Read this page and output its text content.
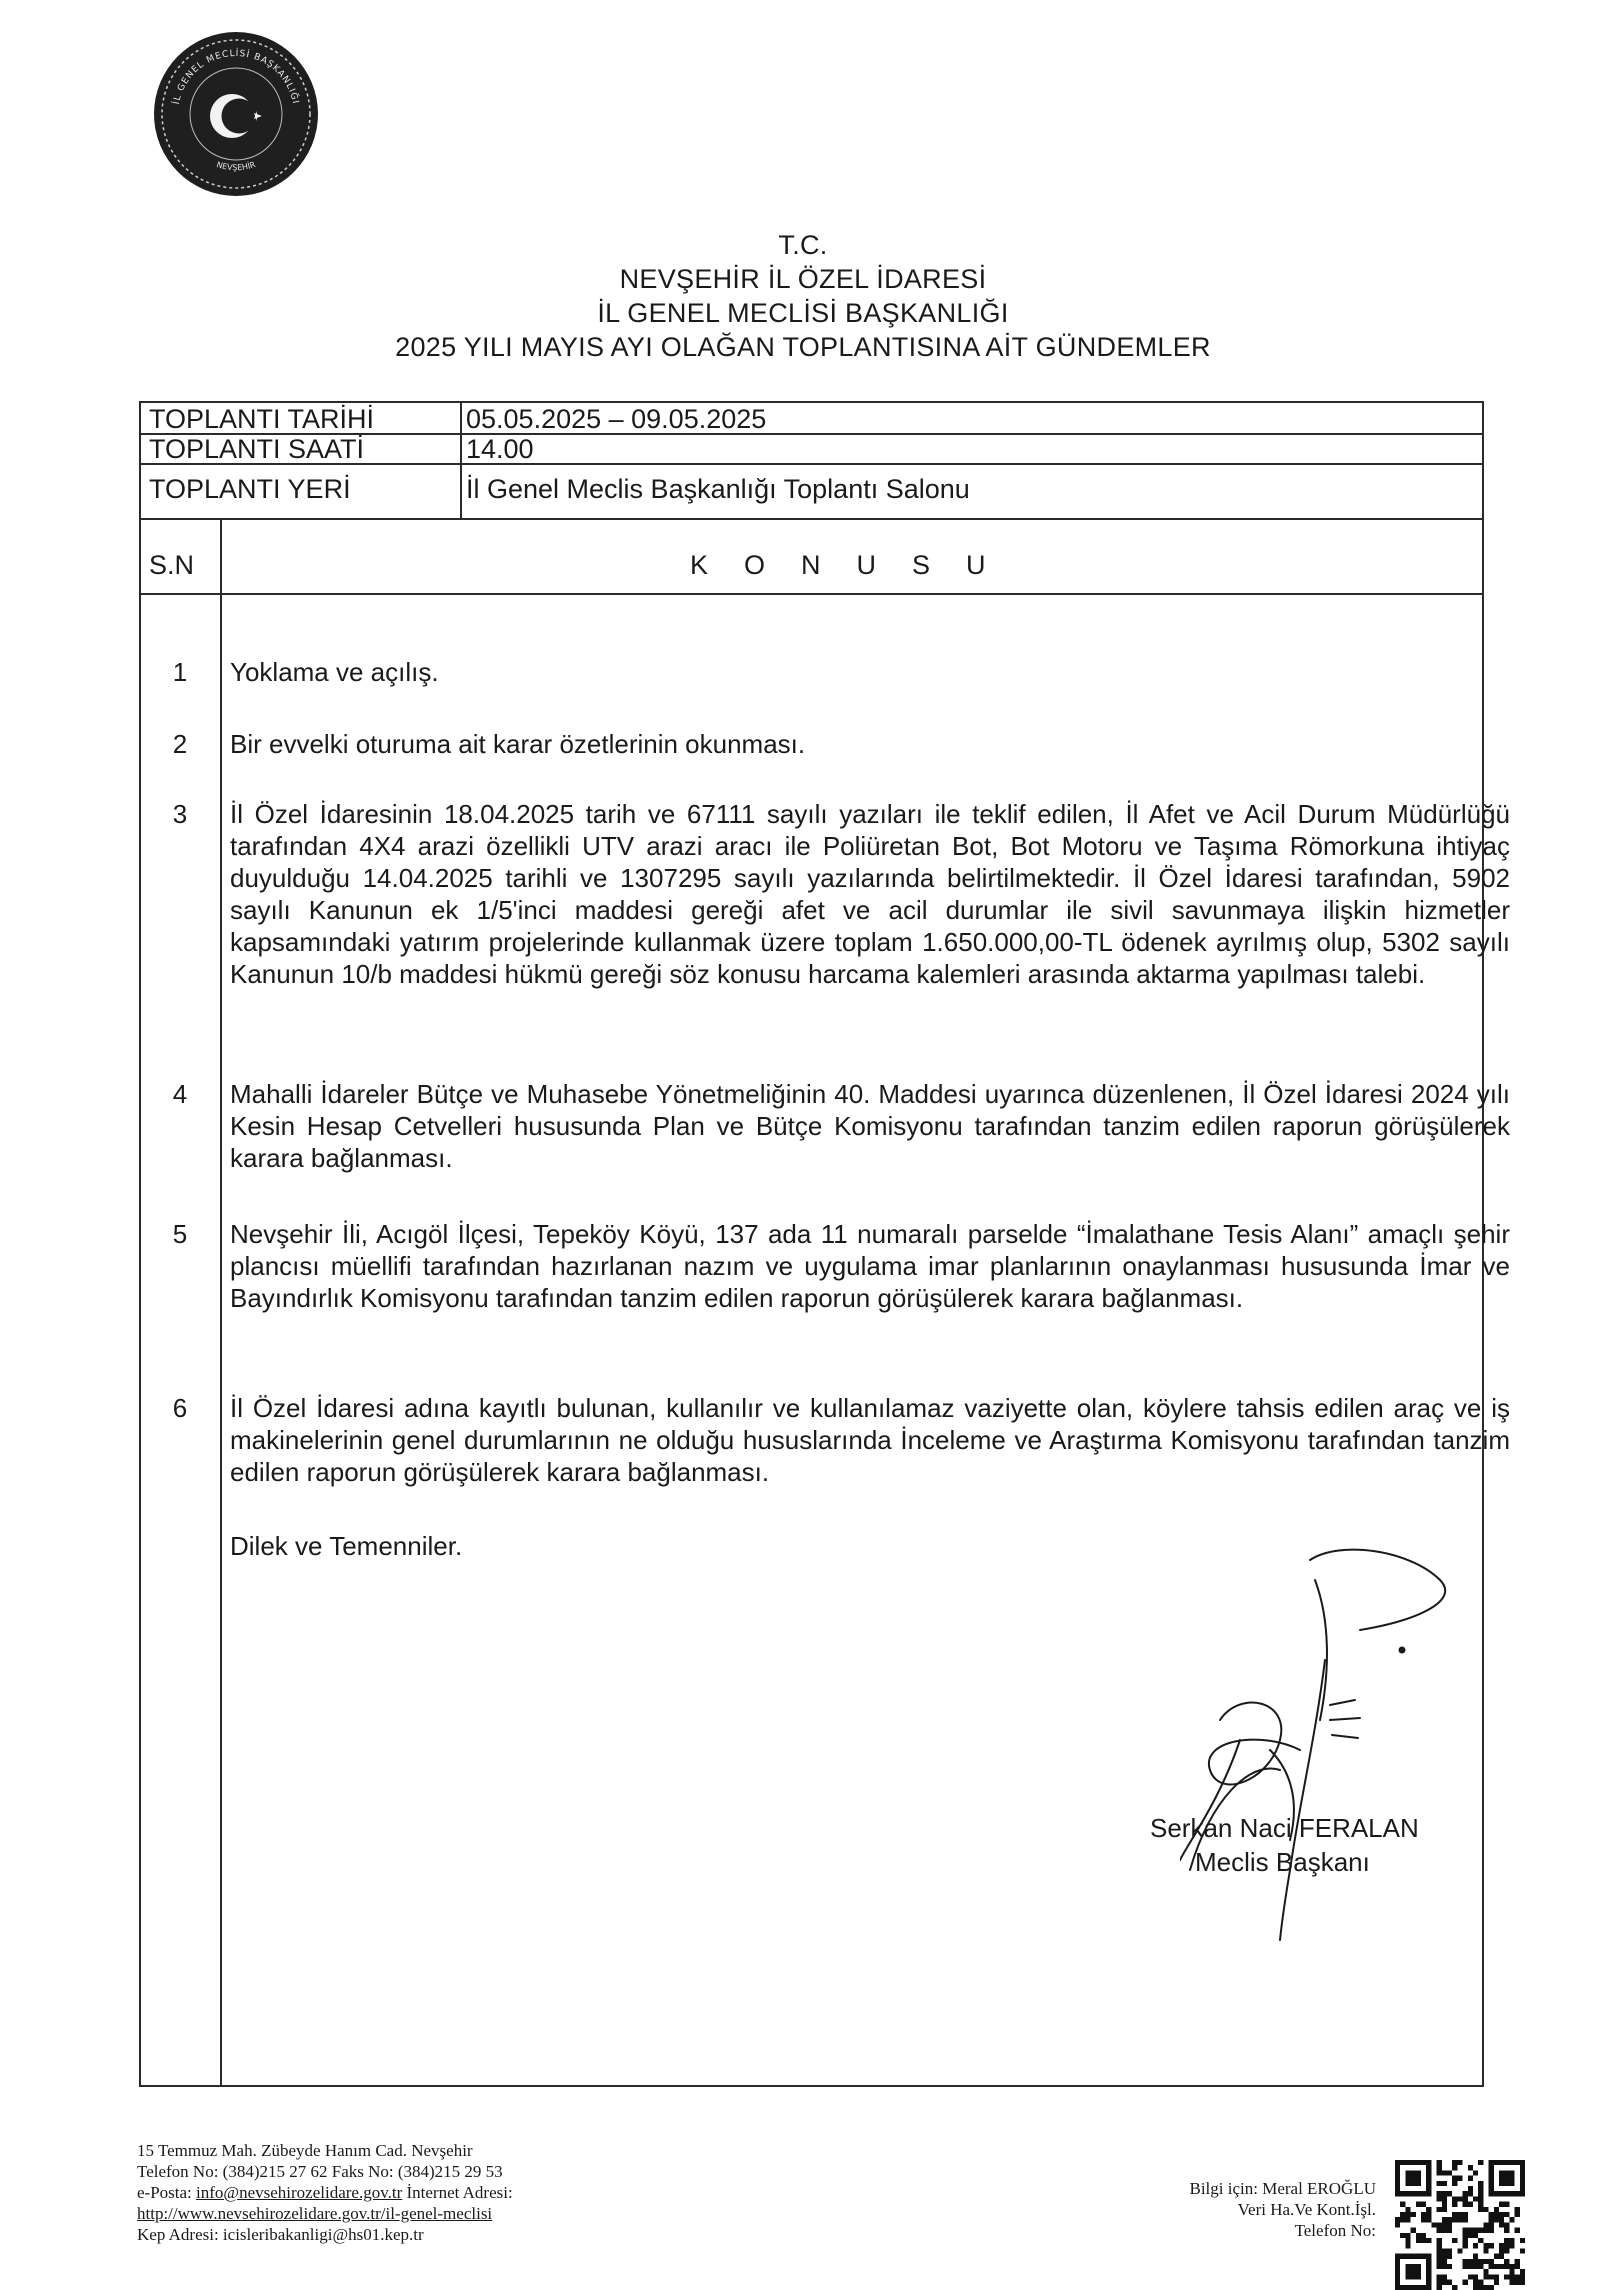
İL GENEL MECLİSİ BAŞKANLIĞI
NEVŞEHİR
T.C.
NEVŞEHİR İL ÖZEL İDARESİ
İL GENEL MECLİSİ BAŞKANLIĞI
2025 YILI MAYIS AYI OLAĞAN TOPLANTISINA AİT GÜNDEMLER
TOPLANTI TARİHİ	05.05.2025 – 09.05.2025
TOPLANTI SAATİ	14.00
TOPLANTI YERİ	İl Genel Meclis Başkanlığı Toplantı Salonu
S.N	KONUSU
1	Yoklama ve açılış.
2	Bir evvelki oturuma ait karar özetlerinin okunması.
3	İl Özel İdaresinin 18.04.2025 tarih ve 67111 sayılı yazıları ile teklif edilen, İl Afet ve Acil Durum Müdürlüğü tarafından 4X4 arazi özellikli UTV arazi aracı ile Poliüretan Bot, Bot Motoru ve Taşıma Römorkuna ihtiyaç duyulduğu 14.04.2025 tarihli ve 1307295 sayılı yazılarında belirtilmektedir. İl Özel İdaresi tarafından, 5902 sayılı Kanunun ek 1/5'inci maddesi gereği afet ve acil durumlar ile sivil savunmaya ilişkin hizmetler kapsamındaki yatırım projelerinde kullanmak üzere toplam 1.650.000,00-TL ödenek ayrılmış olup, 5302 sayılı Kanunun 10/b maddesi hükmü gereği söz konusu harcama kalemleri arasında aktarma yapılması talebi.
4	Mahalli İdareler Bütçe ve Muhasebe Yönetmeliğinin 40. Maddesi uyarınca düzenlenen, İl Özel İdaresi 2024 yılı Kesin Hesap Cetvelleri hususunda Plan ve Bütçe Komisyonu tarafından tanzim edilen raporun görüşülerek karara bağlanması.
5	Nevşehir İli, Acıgöl İlçesi, Tepeköy Köyü, 137 ada 11 numaralı parselde “İmalathane Tesis Alanı” amaçlı şehir plancısı müellifi tarafından hazırlanan nazım ve uygulama imar planlarının onaylanması hususunda İmar ve Bayındırlık Komisyonu tarafından tanzim edilen raporun görüşülerek karara bağlanması.
6	İl Özel İdaresi adına kayıtlı bulunan, kullanılır ve kullanılamaz vaziyette olan, köylere tahsis edilen araç ve iş makinelerinin genel durumlarının ne olduğu hususlarında İnceleme ve Araştırma Komisyonu tarafından tanzim edilen raporun görüşülerek karara bağlanması.
Dilek ve Temenniler.
Serkan Naci FERALAN
Meclis Başkanı
15 Temmuz Mah. Zübeyde Hanım Cad. Nevşehir
Telefon No: (384)215 27 62 Faks No: (384)215 29 53
e-Posta: info@nevsehirozelidare.gov.tr İnternet Adresi:
http://www.nevsehirozelidare.gov.tr/il-genel-meclisi
Kep Adresi: icisleribakanligi@hs01.kep.tr
Bilgi için: Meral EROĞLU
Veri Ha.Ve Kont.İşl.
Telefon No:
